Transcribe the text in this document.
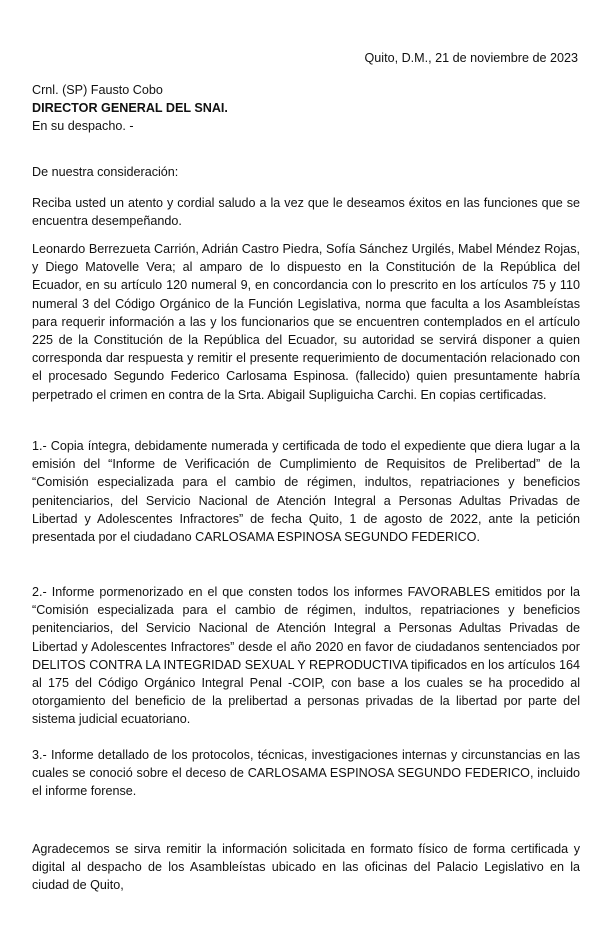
Quito, D.M., 21 de noviembre de 2023

Crnl. (SP) Fausto Cobo
DIRECTOR GENERAL DEL SNAI.
En su despacho. -

De nuestra consideración:

Reciba usted un atento y cordial saludo a la vez que le deseamos éxitos en las funciones que se encuentra desempeñando.

Leonardo Berrezueta Carrión, Adrián Castro Piedra, Sofía Sánchez Urgilés, Mabel Méndez Rojas, y Diego Matovelle Vera; al amparo de lo dispuesto en la Constitución de la República del Ecuador, en su artículo 120 numeral 9, en concordancia con lo prescrito en los artículos 75 y 110 numeral 3 del Código Orgánico de la Función Legislativa, norma que faculta a los Asambleístas para requerir información a las y los funcionarios que se encuentren contemplados en el artículo 225 de la Constitución de la República del Ecuador, su autoridad se servirá disponer a quien corresponda dar respuesta y remitir el presente requerimiento de documentación relacionado con el procesado Segundo Federico Carlosama Espinosa. (fallecido) quien presuntamente habría perpetrado el crimen en contra de la Srta. Abigail Supliguicha Carchi. En copias certificadas.

1.- Copia íntegra, debidamente numerada y certificada de todo el expediente que diera lugar a la emisión del “Informe de Verificación de Cumplimiento de Requisitos de Prelibertad” de la “Comisión especializada para el cambio de régimen, indultos, repatriaciones y beneficios penitenciarios, del Servicio Nacional de Atención Integral a Personas Adultas Privadas de Libertad y Adolescentes Infractores” de fecha Quito, 1 de agosto de 2022, ante la petición presentada por el ciudadano CARLOSAMA ESPINOSA SEGUNDO FEDERICO.

2.- Informe pormenorizado en el que consten todos los informes FAVORABLES emitidos por la “Comisión especializada para el cambio de régimen, indultos, repatriaciones y beneficios penitenciarios, del Servicio Nacional de Atención Integral a Personas Adultas Privadas de Libertad y Adolescentes Infractores” desde el año 2020 en favor de ciudadanos sentenciados por DELITOS CONTRA LA INTEGRIDAD SEXUAL Y REPRODUCTIVA tipificados en los artículos 164 al 175 del Código Orgánico Integral Penal -COIP, con base a los cuales se ha procedido al otorgamiento del beneficio de la prelibertad a personas privadas de la libertad por parte del sistema judicial ecuatoriano.

3.- Informe detallado de los protocolos, técnicas, investigaciones internas y circunstancias en las cuales se conoció sobre el deceso de CARLOSAMA ESPINOSA SEGUNDO FEDERICO, incluido el informe forense.

Agradecemos se sirva remitir la información solicitada en formato físico de forma certificada y digital al despacho de los Asambleístas ubicado en las oficinas del Palacio Legislativo en la ciudad de Quito,
